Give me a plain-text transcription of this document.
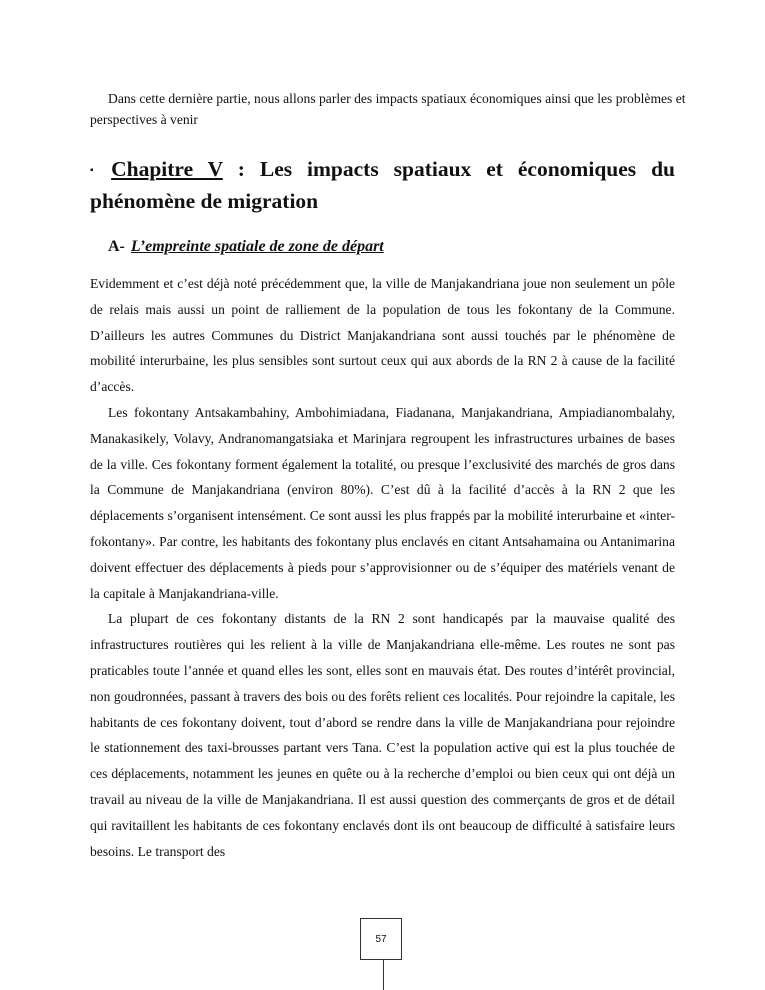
Dans cette dernière partie, nous allons parler des impacts spatiaux économiques ainsi que les problèmes et perspectives à venir

▪ Chapitre V : Les impacts spatiaux et économiques du phénomène de migration
A- L’empreinte spatiale de zone de départ

Evidemment et c’est déjà noté précédemment que, la ville de Manjakandriana joue non seulement un pôle de relais mais aussi un point de ralliement de la population de tous les fokontany de la Commune. D’ailleurs les autres Communes du District Manjakandriana sont aussi touchés par le phénomène de mobilité interurbaine, les plus sensibles sont surtout ceux qui aux abords de la RN 2 à cause de la facilité d’accès.

Les fokontany Antsakambahiny, Ambohimiadana, Fiadanana, Manjakandriana, Ampiadianombalahy, Manakasikely, Volavy, Andranomangatsiaka et Marinjara regroupent les infrastructures urbaines de bases de la ville. Ces fokontany forment également la totalité, ou presque l’exclusivité des marchés de gros dans la Commune de Manjakandriana (environ 80%). C’est dû à la facilité d’accès à la RN 2 que les déplacements s’organisent intensément. Ce sont aussi les plus frappés par la mobilité interurbaine et «inter-fokontany». Par contre, les habitants des fokontany plus enclavés en citant Antsahamaina ou Antanimarina doivent effectuer des déplacements à pieds pour s’approvisionner ou de s’équiper des matériels venant de la capitale à Manjakandriana-ville.

La plupart de ces fokontany distants de la RN 2 sont handicapés par la mauvaise qualité des infrastructures routières qui les relient à la ville de Manjakandriana elle-même. Les routes ne sont pas praticables toute l’année et quand elles les sont, elles sont en mauvais état. Des routes d’intérêt provincial, non goudronnées, passant à travers des bois ou des forêts relient ces localités. Pour rejoindre la capitale, les habitants de ces fokontany doivent, tout d’abord se rendre dans la ville de Manjakandriana pour rejoindre le stationnement des taxi-brousses partant vers Tana. C’est la population active qui est la plus touchée de ces déplacements, notamment les jeunes en quête ou à la recherche d’emploi ou bien ceux qui ont déjà un travail au niveau de la ville de Manjakandriana. Il est aussi question des commerçants de gros et de détail qui ravitaillent les habitants de ces fokontany enclavés dont ils ont beaucoup de difficulté à satisfaire leurs besoins. Le transport des

57
